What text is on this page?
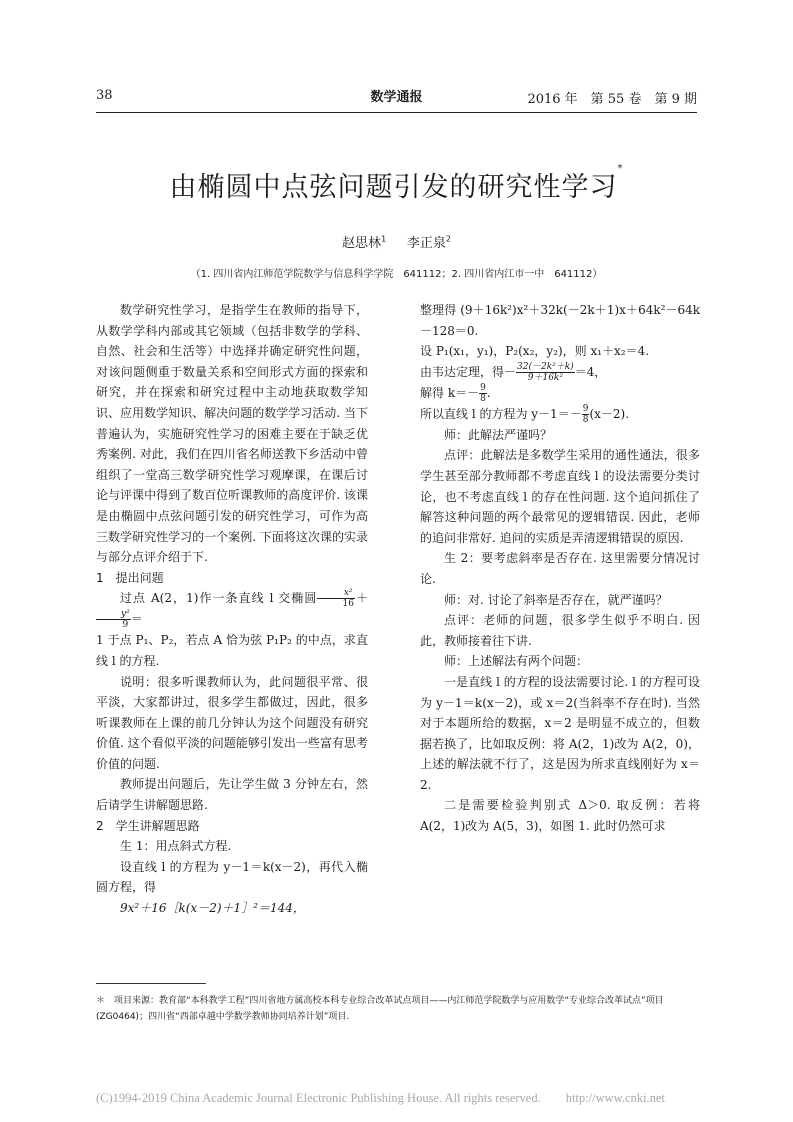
38	数学通报	2016 年　第 55 卷　第 9 期
由椭圆中点弦问题引发的研究性学习*
赵思林$^1$ 李正泉$^2$
（1. 四川省内江师范学院数学与信息科学学院　641112；2. 四川省内江市一中　641112）

数学研究性学习，是指学生在教师的指导下，从数学学科内部或其它领域（包括非数学的学科、自然、社会和生活等）中选择并确定研究性问题，对该问题侧重于数量关系和空间形式方面的探索和研究，并在探索和研究过程中主动地获取数学知识、应用数学知识、解决问题的数学学习活动. 当下普遍认为，实施研究性学习的困难主要在于缺乏优秀案例. 对此，我们在四川省名师送教下乡活动中曾组织了一堂高三数学研究性学习观摩课，在课后讨论与评课中得到了数百位听课教师的高度评价. 该课是由椭圆中点弦问题引发的研究性学习，可作为高三数学研究性学习的一个案例. 下面将这次课的实录与部分点评介绍于下.

1　提出问题

过点 A(2，1)作一条直线 l 交椭圆 $\frac{\text{x²}}{16}$ ＋
$\frac{\text{y²}}{9}$ ＝

1 于点 P₁、P₂，若点 A 恰为弦 P₁P₂ 的中点，求直线 l 的方程.

说明：很多听课教师认为，此问题很平常、很平淡，大家都讲过，很多学生都做过，因此，很多听课教师在上课的前几分钟认为这个问题没有研究价值. 这个看似平淡的问题能够引发出一些富有思考价值的问题.

教师提出问题后，先让学生做 3 分钟左右，然后请学生讲解题思路.

2　学生讲解题思路

生 1：用点斜式方程.

设直线 l 的方程为 y－1＝k(x－2)，再代入椭圆方程，得

9x²＋16［k(x－2)＋1］²＝144，

整理得 (9＋16k²)x²＋32k(－2k＋1)x＋64k²－64k－128＝0.

设 P₁(x₁，y₁)，P₂(x₂，y₂)，则 x₁＋x₂＝4.

由韦达定理，得－ $\frac{\text{32(－2k²＋k)}}{\text{9＋16k²}} =4$，

解得 $k=- \frac{9}{8}$ .

所以直线 l 的方程为 $y-1=- \frac{9}{8} (x-2)$.

师：此解法严谨吗？

点评：此解法是多数学生采用的通性通法，很多学生甚至部分教师都不考虑直线 l 的设法需要分类讨论，也不考虑直线 l 的存在性问题. 这个追问抓住了解答这种问题的两个最常见的逻辑错误. 因此，老师的追问非常好. 追问的实质是弄清逻辑错误的原因.

生 2：要考虑斜率是否存在. 这里需要分情况讨论.

师：对. 讨论了斜率是否存在，就严谨吗？

点评：老师的问题，很多学生似乎不明白. 因此，教师接着往下讲.

师：上述解法有两个问题：

一是直线 l 的方程的设法需要讨论. l 的方程可设为 y－1＝k(x－2)，或 x＝2(当斜率不存在时). 当然对于本题所给的数据，x＝2 是明显不成立的，但数据若换了，比如取反例：将 A(2，1)改为 A(2，0)，上述的解法就不行了，这是因为所求直线刚好为 x＝2.

二是需要检验判别式 Δ＞0. 取反例：若将 A(2，1)改为 A(5，3)，如图 1. 此时仍然可求

＊　项目来源：教育部“本科教学工程”四川省地方属高校本科专业综合改革试点项目——内江师范学院数学与应用数学“专业综合改革试点”项目(ZG0464)；四川省“西部卓越中学数学教师协同培养计划”项目.
(C)1994-2019 China Academic Journal Electronic Publishing House. All rights reserved.　　http://www.cnki.net
